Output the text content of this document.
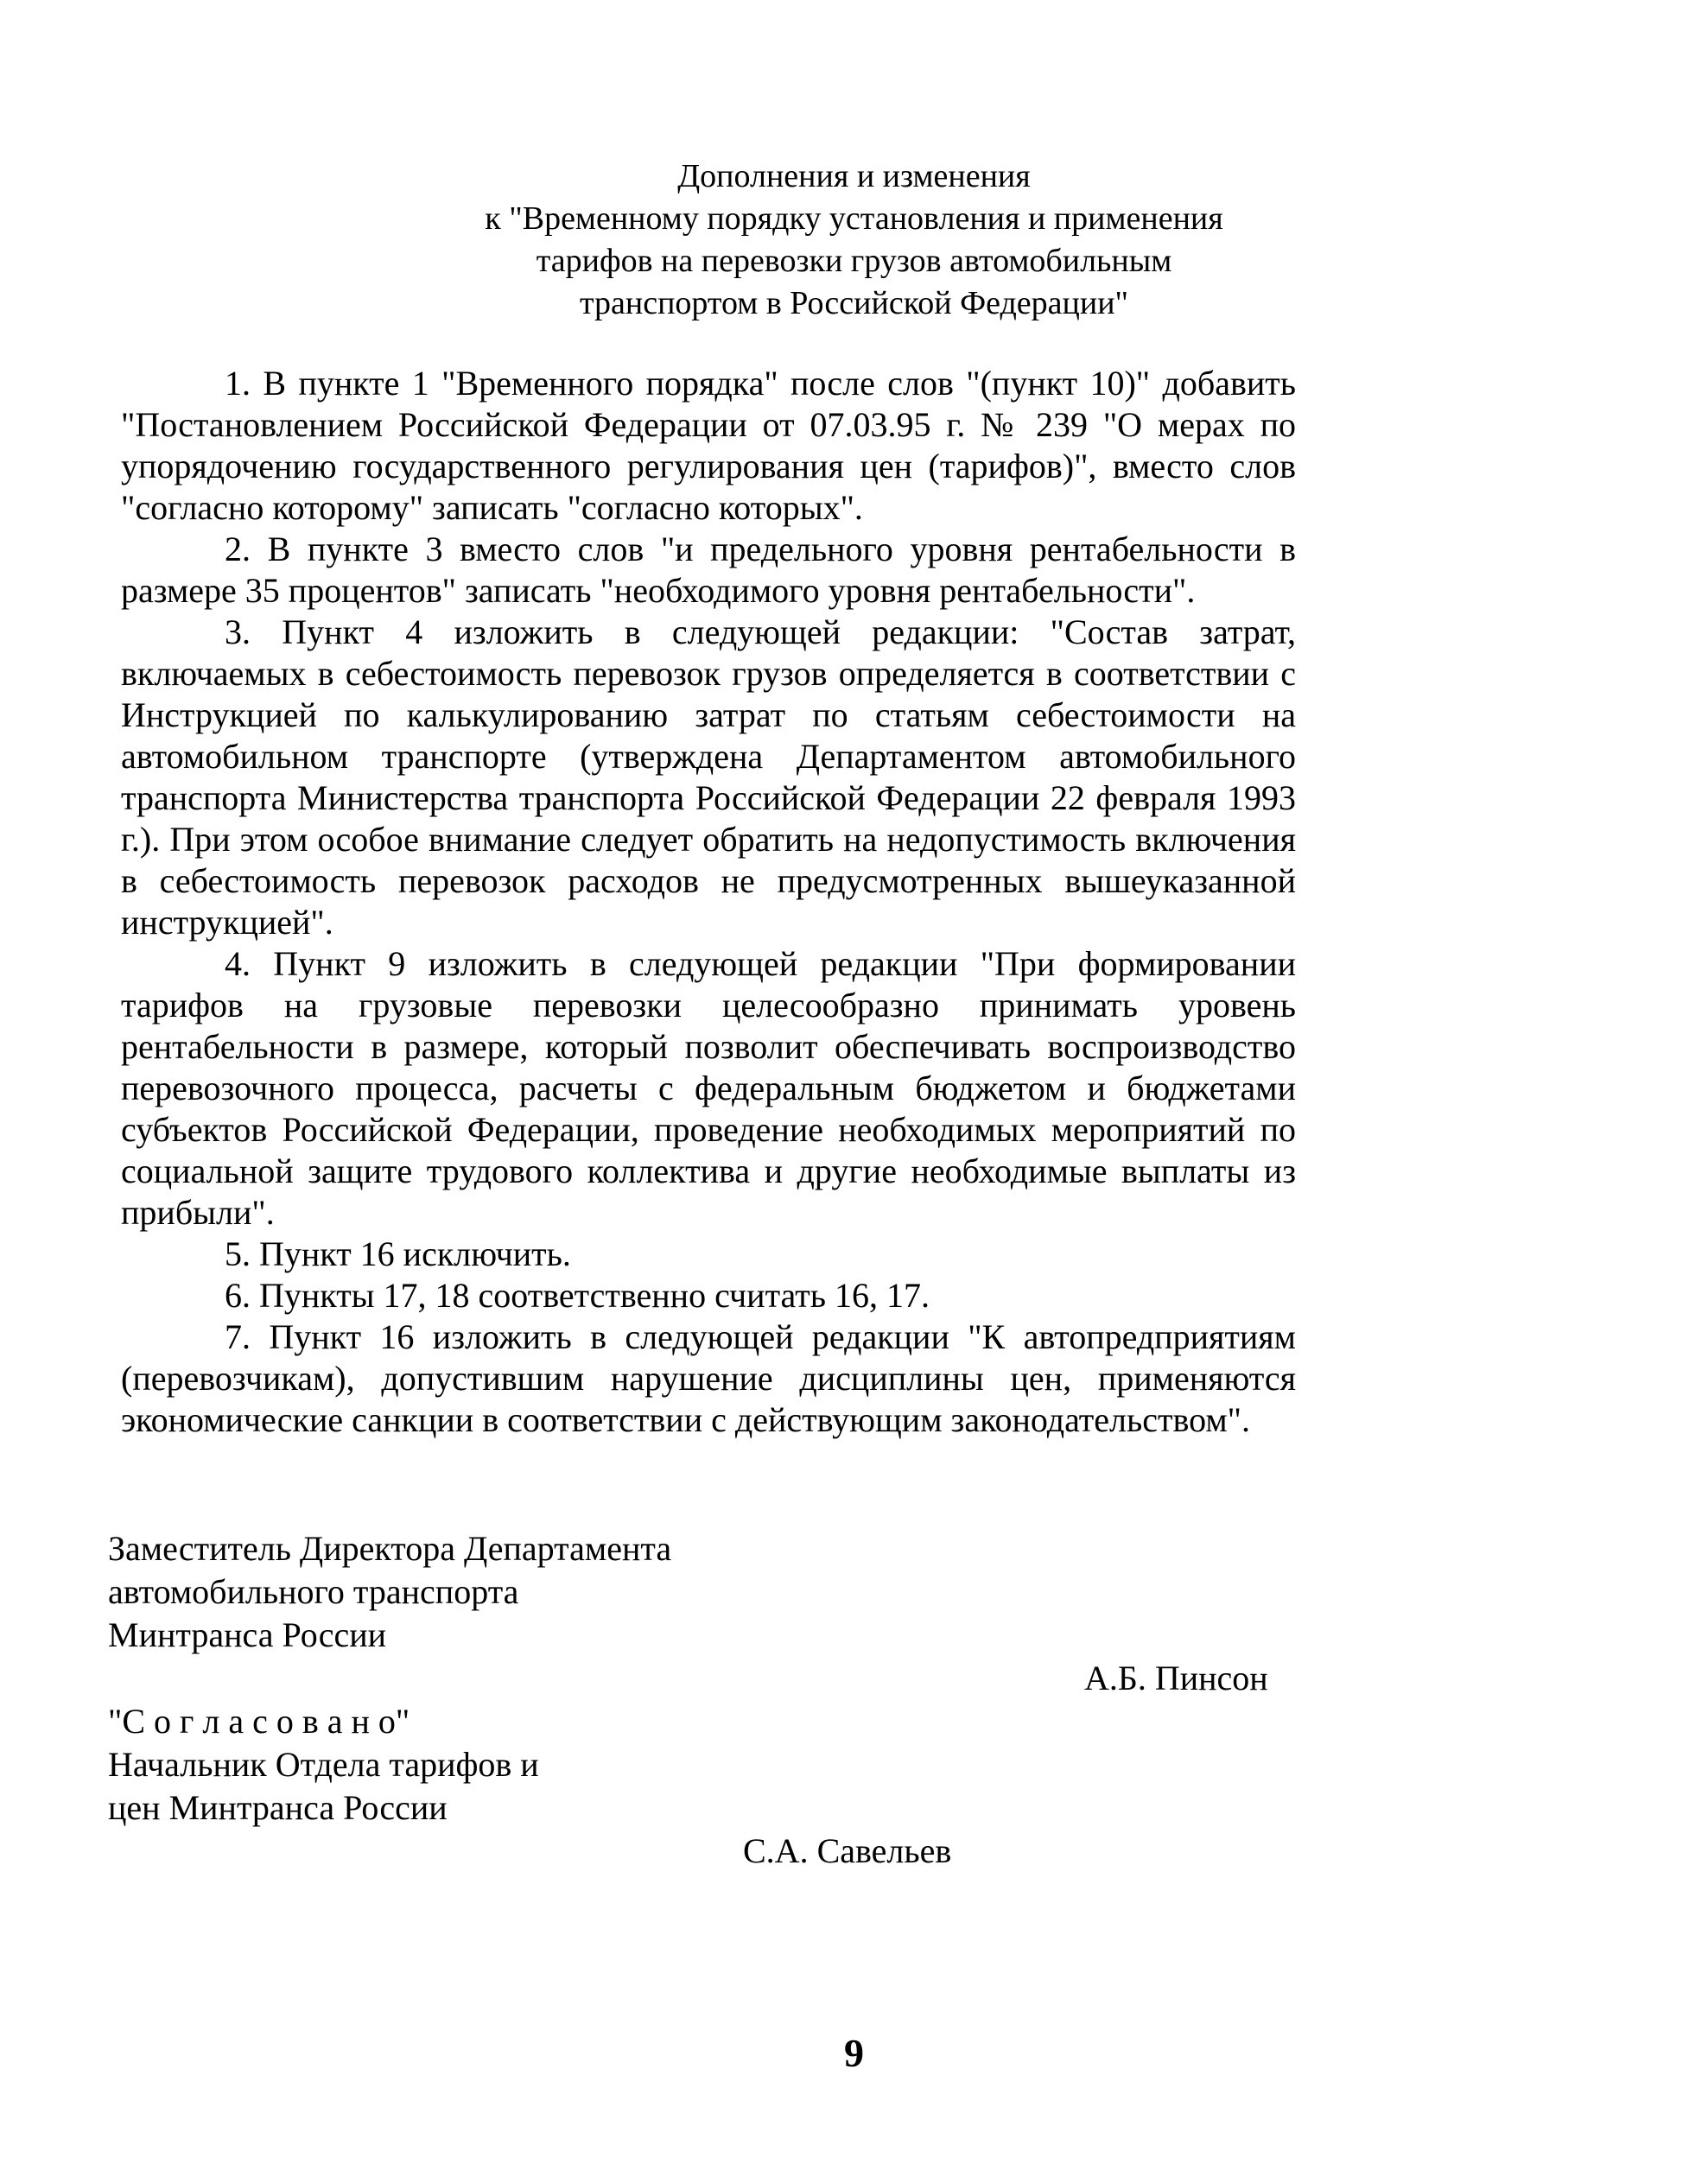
Дополнения и изменения
к "Временному порядку установления и применения
тарифов на перевозки грузов автомобильным
транспортом в Российской Федерации"

1. В пункте 1 "Временного порядка" после слов "(пункт 10)" добавить "Постановлением Российской Федерации от 07.03.95 г. № 239 "О мерах по упорядочению государственного регулирования цен (тарифов)", вместо слов "согласно которому" записать "согласно которых".

2. В пункте 3 вместо слов "и предельного уровня рентабельности в размере 35 процентов" записать "необходимого уровня рентабельности".

3. Пункт 4 изложить в следующей редакции: "Состав затрат, включаемых в себестоимость перевозок грузов определяется в соответствии с Инструкцией по калькулированию затрат по статьям себестоимости на автомобильном транспорте (утверждена Департаментом автомобильного транспорта Министерства транспорта Российской Федерации 22 февраля 1993 г.). При этом особое внимание следует обратить на недопустимость включения в себестоимость перевозок расходов не предусмотренных вышеуказанной инструкцией".

4. Пункт 9 изложить в следующей редакции "При формировании тарифов на грузовые перевозки целесообразно принимать уровень рентабельности в размере, который позволит обеспечивать воспроизводство перевозочного процесса, расчеты с федеральным бюджетом и бюджетами субъектов Российской Федерации, проведение необходимых мероприятий по социальной защите трудового коллектива и другие необходимые выплаты из прибыли".

5. Пункт 16 исключить.

6. Пункты 17, 18 соответственно считать 16, 17.

7. Пункт 16 изложить в следующей редакции "К автопредприятиям (перевозчикам), допустившим нарушение дисциплины цен, применяются экономические санкции в соответствии с действующим законодательством".

Заместитель Директора Департамента
автомобильного транспорта
Минтранса России
А.Б. Пинсон
"С о г л а с о в а н о"
Начальник Отдела тарифов и
цен Минтранса России
С.А. Савельев
9
